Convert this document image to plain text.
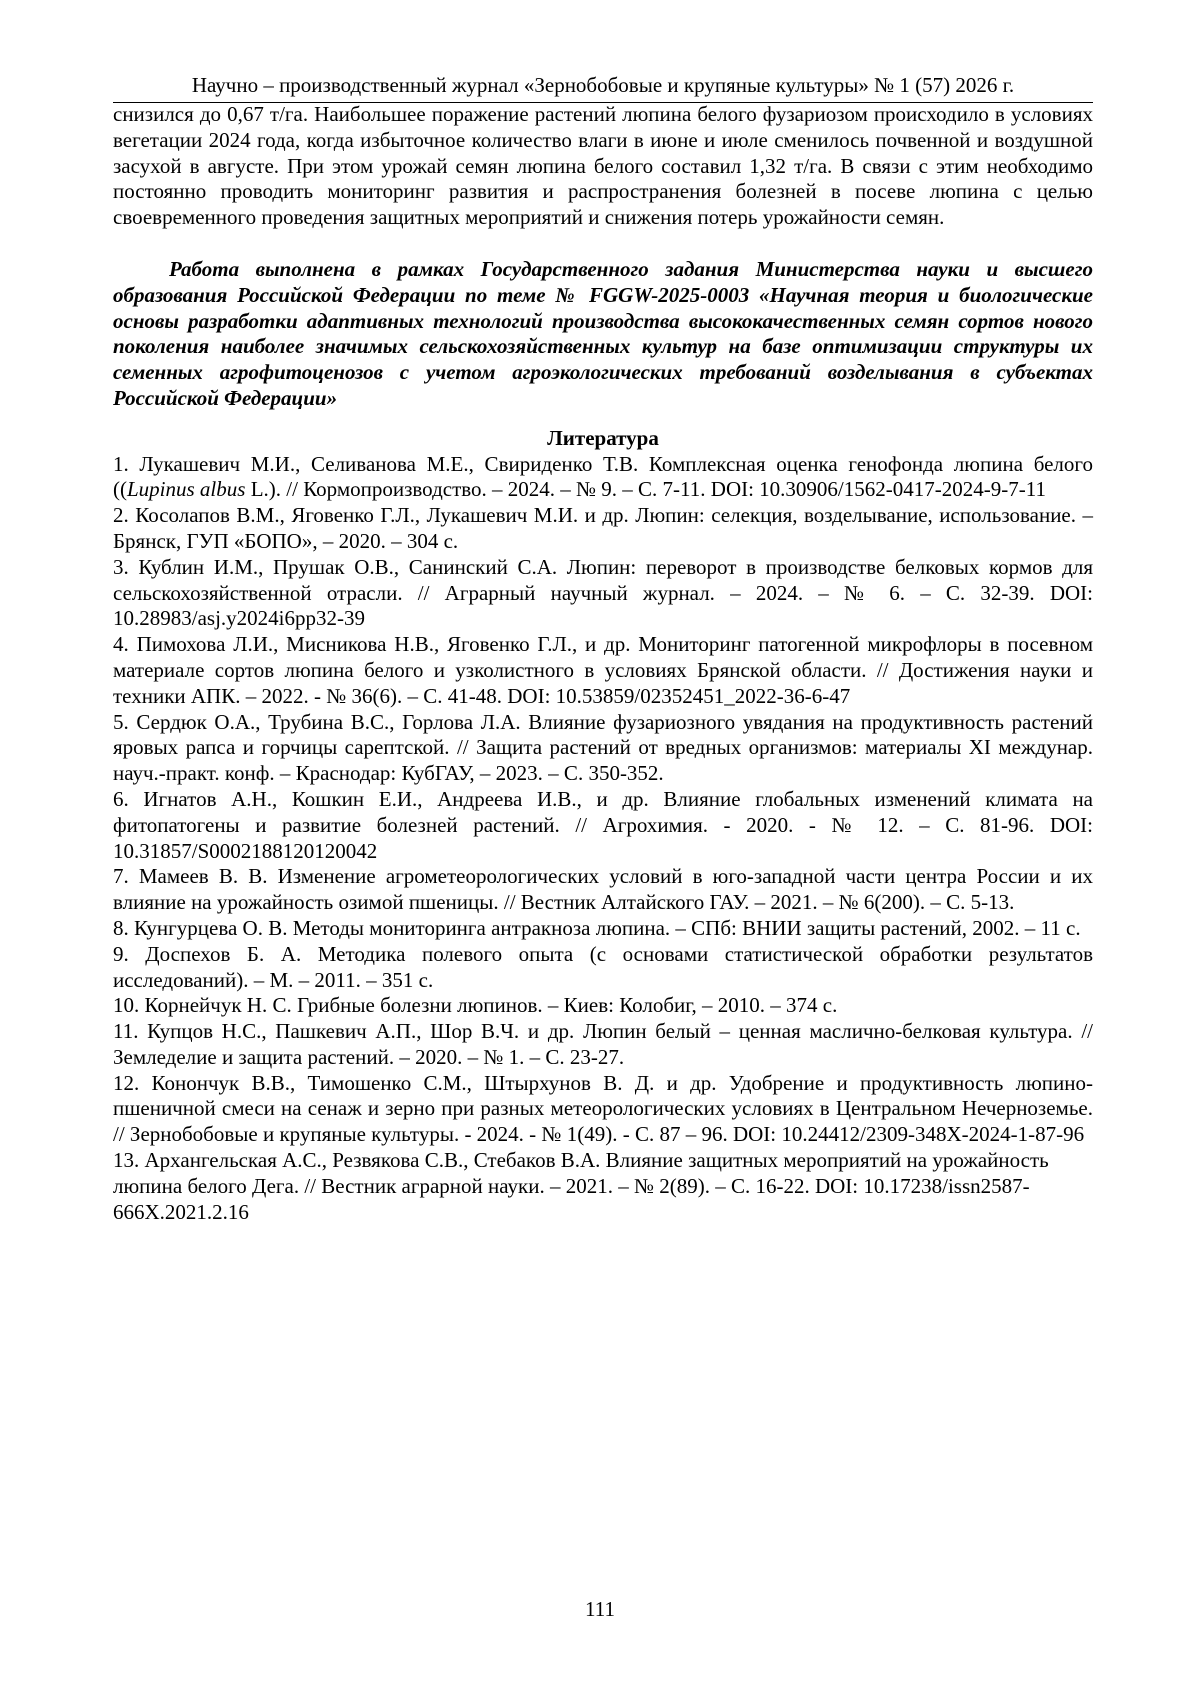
Научно – производственный журнал «Зернобобовые и крупяные культуры» № 1 (57) 2026 г.

снизился до 0,67 т/га. Наибольшее поражение растений люпина белого фузариозом происходило в условиях вегетации 2024 года, когда избыточное количество влаги в июне и июле сменилось почвенной и воздушной засухой в августе. При этом урожай семян люпина белого составил 1,32 т/га. В связи с этим необходимо постоянно проводить мониторинг развития и распространения болезней в посеве люпина с целью своевременного проведения защитных мероприятий и снижения потерь урожайности семян.

Работа выполнена в рамках Государственного задания Министерства науки и высшего образования Российской Федерации по теме № FGGW-2025-0003 «Научная теория и биологические основы разработки адаптивных технологий производства высококачественных семян сортов нового поколения наиболее значимых сельскохозяйственных культур на базе оптимизации структуры их семенных агрофитоценозов с учетом агроэкологических требований возделывания в субъектах Российской Федерации»

Литература

1. Лукашевич М.И., Селиванова М.Е., Свириденко Т.В. Комплексная оценка генофонда люпина белого ((Lupinus albus L.). // Кормопроизводство. – 2024. – № 9. – С. 7-11. DOI: 10.30906/1562-0417-2024-9-7-11

2. Косолапов В.М., Яговенко Г.Л., Лукашевич М.И. и др. Люпин: селекция, возделывание, использование. – Брянск, ГУП «БОПО», – 2020. – 304 с.

3. Кублин И.М., Прушак О.В., Санинский С.А. Люпин: переворот в производстве белковых кормов для сельскохозяйственной отрасли. // Аграрный научный журнал. – 2024. – № 6. – С. 32-39. DOI: 10.28983/asj.y2024i6pp32-39

4. Пимохова Л.И., Мисникова Н.В., Яговенко Г.Л., и др. Мониторинг патогенной микрофлоры в посевном материале сортов люпина белого и узколистного в условиях Брянской области. // Достижения науки и техники АПК. – 2022. - № 36(6). – С. 41-48. DOI: 10.53859/02352451_2022-36-6-47

5. Сердюк О.А., Трубина В.С., Горлова Л.А. Влияние фузариозного увядания на продуктивность растений яровых рапса и горчицы сарептской. // Защита растений от вредных организмов: материалы XI междунар. науч.-практ. конф. – Краснодар: КубГАУ, – 2023. – С. 350-352.

6. Игнатов А.Н., Кошкин Е.И., Андреева И.В., и др. Влияние глобальных изменений климата на фитопатогены и развитие болезней растений. // Агрохимия. - 2020. - № 12. – С. 81-96. DOI: 10.31857/S0002188120120042

7. Мамеев В. В. Изменение агрометеорологических условий в юго-западной части центра России и их влияние на урожайность озимой пшеницы. // Вестник Алтайского ГАУ. – 2021. – № 6(200). – С. 5-13.

8. Кунгурцева О. В. Методы мониторинга антракноза люпина. – СПб: ВНИИ защиты растений, 2002. – 11 с.

9. Доспехов Б. А. Методика полевого опыта (с основами статистической обработки результатов исследований). – М. – 2011. – 351 с.

10. Корнейчук Н. С. Грибные болезни люпинов. – Киев: Колобиг, – 2010. – 374 с.

11. Купцов Н.С., Пашкевич А.П., Шор В.Ч. и др. Люпин белый – ценная маслично-белковая культура. // Земледелие и защита растений. – 2020. – № 1. – С. 23-27.

12. Конончук В.В., Тимошенко С.М., Штырхунов В. Д. и др. Удобрение и продуктивность люпино-пшеничной смеси на сенаж и зерно при разных метеорологических условиях в Центральном Нечерноземье. // Зернобобовые и крупяные культуры. - 2024. - № 1(49). - С. 87 – 96. DOI: 10.24412/2309-348X-2024-1-87-96

13. Архангельская А.С., Резвякова С.В., Стебаков В.А. Влияние защитных мероприятий на урожайность люпина белого Дега. // Вестник аграрной науки. – 2021. – № 2(89). – С. 16-22. DOI: 10.17238/issn2587-666X.2021.2.16

111
